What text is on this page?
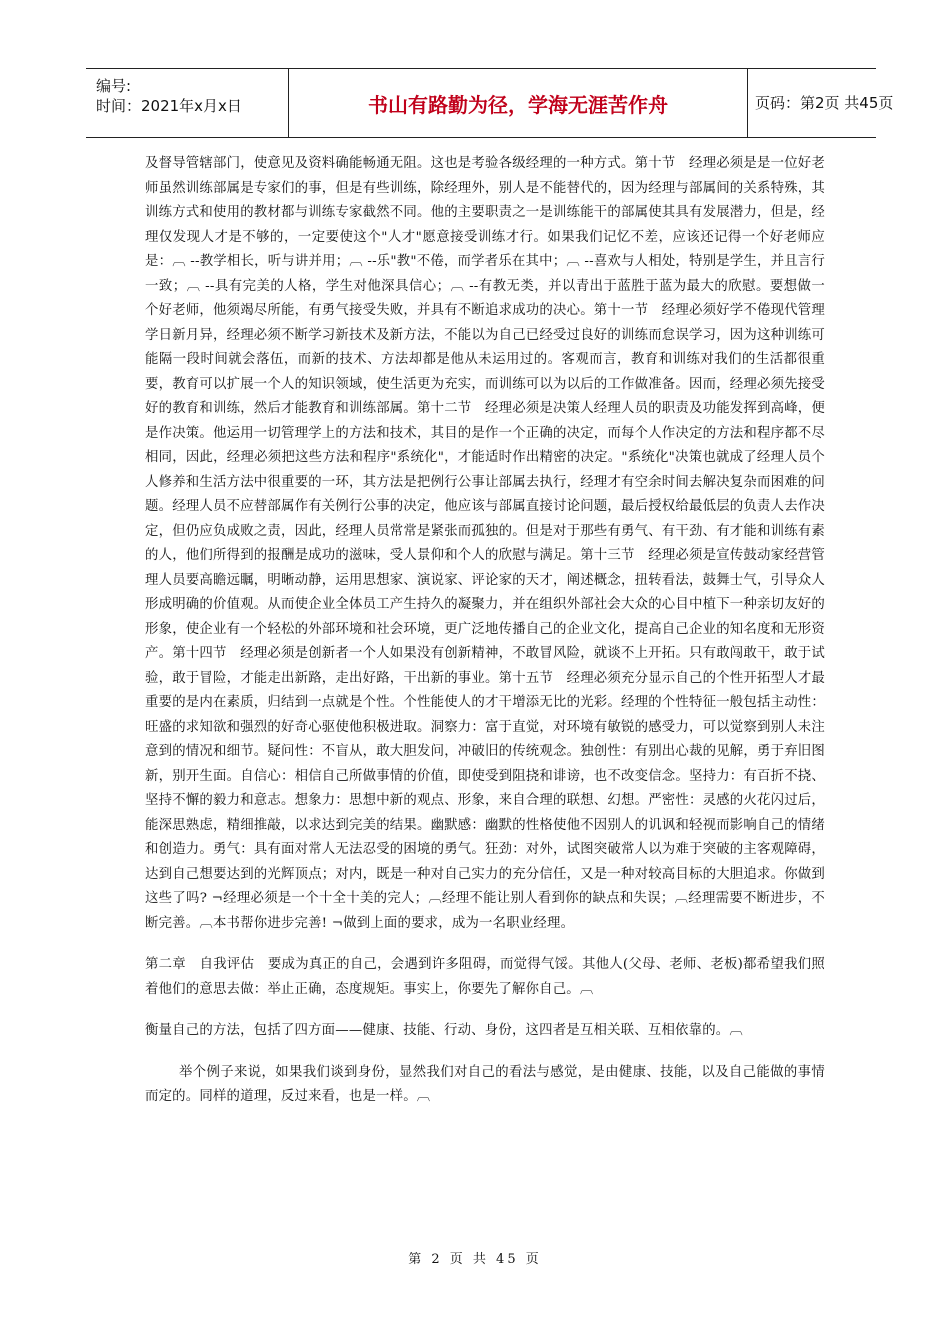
编号:
时间：2021年x月x日	书山有路勤为径，学海无涯苦作舟	页码：第2页 共45页

及督导管辖部门，使意见及资料确能畅通无阻。这也是考验各级经理的一种方式。第十节　经理必须是是一位好老师虽然训练部属是专家们的事，但是有些训练，除经理外，别人是不能替代的，因为经理与部属间的关系特殊，其训练方式和使用的教材都与训练专家截然不同。他的主要职责之一是训练能干的部属使其具有发展潜力，但是，经理仅发现人才是不够的，一定要使这个"人才"愿意接受训练才行。如果我们记忆不差，应该还记得一个好老师应是：︹ --教学相长，听与讲并用；︹ --乐"教"不倦，而学者乐在其中；︹ --喜欢与人相处，特别是学生，并且言行一致；︹ --具有完美的人格，学生对他深具信心；︹ --有教无类，并以青出于蓝胜于蓝为最大的欣慰。要想做一个好老师，他须竭尽所能，有勇气接受失败，并具有不断追求成功的决心。第十一节　经理必须好学不倦现代管理学日新月异，经理必须不断学习新技术及新方法，不能以为自己已经受过良好的训练而怠误学习，因为这种训练可能隔一段时间就会落伍，而新的技术、方法却都是他从未运用过的。客观而言，教育和训练对我们的生活都很重要，教育可以扩展一个人的知识领域，使生活更为充实，而训练可以为以后的工作做准备。因而，经理必须先接受好的教育和训练，然后才能教育和训练部属。第十二节　经理必须是决策人经理人员的职责及功能发挥到高峰，便是作决策。他运用一切管理学上的方法和技术，其目的是作一个正确的决定，而每个人作决定的方法和程序都不尽相同，因此，经理必须把这些方法和程序"系统化"，才能适时作出精密的决定。"系统化"决策也就成了经理人员个人修养和生活方法中很重要的一环，其方法是把例行公事让部属去执行，经理才有空余时间去解决复杂而困难的问题。经理人员不应替部属作有关例行公事的决定，他应该与部属直接讨论问题，最后授权给最低层的负责人去作决定，但仍应负成败之责，因此，经理人员常常是紧张而孤独的。但是对于那些有勇气、有干劲、有才能和训练有素的人，他们所得到的报酬是成功的滋味，受人景仰和个人的欣慰与满足。第十三节　经理必须是宣传鼓动家经营管理人员要高瞻远瞩，明晰动静，运用思想家、演说家、评论家的天才，阐述概念，扭转看法，鼓舞士气，引导众人形成明确的价值观。从而使企业全体员工产生持久的凝聚力，并在组织外部社会大众的心目中植下一种亲切友好的形象，使企业有一个轻松的外部环境和社会环境，更广泛地传播自己的企业文化，提高自己企业的知名度和无形资产。第十四节　经理必须是创新者一个人如果没有创新精神，不敢冒风险，就谈不上开拓。只有敢闯敢干，敢于试验，敢于冒险，才能走出新路，走出好路，干出新的事业。第十五节　经理必须充分显示自己的个性开拓型人才最重要的是内在素质，归结到一点就是个性。个性能使人的才干增添无比的光彩。经理的个性特征一般包括主动性：旺盛的求知欲和强烈的好奇心驱使他积极进取。洞察力：富于直觉，对环境有敏锐的感受力，可以觉察到别人未注意到的情况和细节。疑问性：不盲从，敢大胆发问，冲破旧的传统观念。独创性：有别出心裁的见解，勇于弃旧图新，别开生面。自信心：相信自己所做事情的价值，即使受到阻挠和诽谤，也不改变信念。坚持力：有百折不挠、坚持不懈的毅力和意志。想象力：思想中新的观点、形象，来自合理的联想、幻想。严密性：灵感的火花闪过后，能深思熟虑，精细推敲，以求达到完美的结果。幽默感：幽默的性格使他不因别人的讥讽和轻视而影响自己的情绪和创造力。勇气：具有面对常人无法忍受的困境的勇气。狂劲：对外，试图突破常人以为难于突破的主客观障碍，达到自己想要达到的光辉顶点；对内，既是一种对自己实力的充分信任，又是一种对较高目标的大胆追求。你做到这些了吗? ¬经理必须是一个十全十美的完人；︹经理不能让别人看到你的缺点和失误；︹经理需要不断进步，不断完善。︹本书帮你进步完善! ¬做到上面的要求，成为一名职业经理。

第二章　自我评估　要成为真正的自己，会遇到许多阻碍，而觉得气馁。其他人(父母、老师、老板)都希望我们照着他们的意思去做：举止正确，态度规矩。事实上，你要先了解你自己。︹

衡量自己的方法，包括了四方面——健康、技能、行动、身份，这四者是互相关联、互相依靠的。︹

举个例子来说，如果我们谈到身份，显然我们对自己的看法与感觉，是由健康、技能，以及自己能做的事情而定的。同样的道理，反过来看，也是一样。︹

第 2 页 共 45 页
